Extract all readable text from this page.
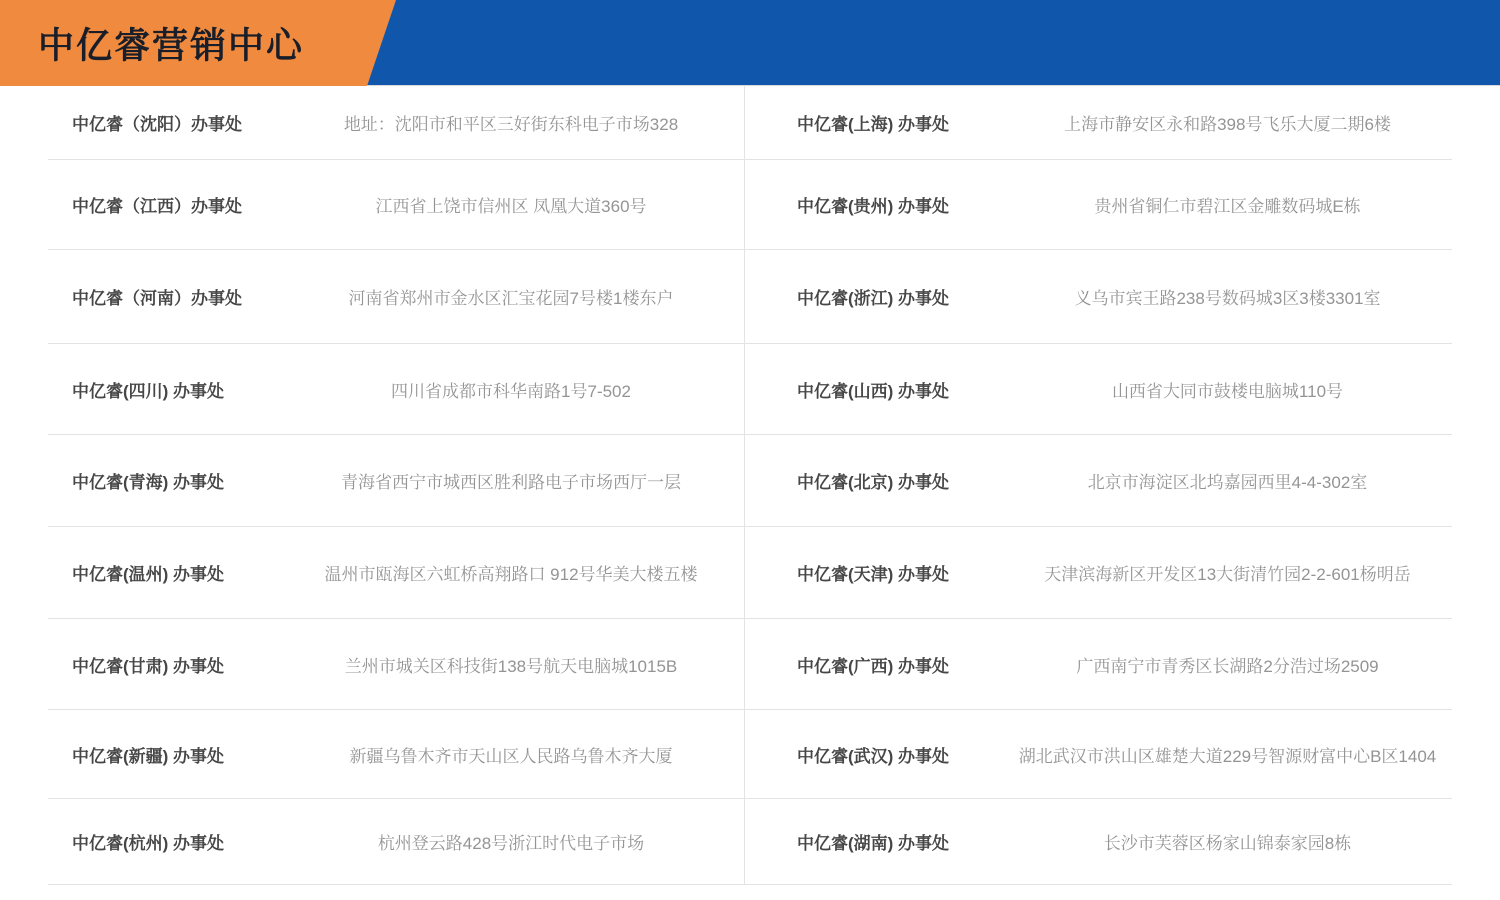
中亿睿营销中心
中亿睿（沈阳）办事处	地址：沈阳市和平区三好街东科电子市场328	中亿睿(上海) 办事处	上海市静安区永和路398号飞乐大厦二期6楼
中亿睿（江西）办事处	江西省上饶市信州区 凤凰大道360号	中亿睿(贵州) 办事处	贵州省铜仁市碧江区金雕数码城E栋
中亿睿（河南）办事处	河南省郑州市金水区汇宝花园7号楼1楼东户	中亿睿(浙江) 办事处	义乌市宾王路238号数码城3区3楼3301室
中亿睿(四川) 办事处	四川省成都市科华南路1号7-502	中亿睿(山西) 办事处	山西省大同市鼓楼电脑城110号
中亿睿(青海) 办事处	青海省西宁市城西区胜利路电子市场西厅一层	中亿睿(北京) 办事处	北京市海淀区北坞嘉园西里4-4-302室
中亿睿(温州) 办事处	温州市瓯海区六虹桥高翔路口 912号华美大楼五楼	中亿睿(天津) 办事处	天津滨海新区开发区13大街清竹园2-2-601杨明岳
中亿睿(甘肃) 办事处	兰州市城关区科技街138号航天电脑城1015B	中亿睿(广西) 办事处	广西南宁市青秀区长湖路2分浩过场2509
中亿睿(新疆) 办事处	新疆乌鲁木齐市天山区人民路乌鲁木齐大厦	中亿睿(武汉) 办事处	湖北武汉市洪山区雄楚大道229号智源财富中心B区1404
中亿睿(杭州) 办事处	杭州登云路428号浙江时代电子市场	中亿睿(湖南) 办事处	长沙市芙蓉区杨家山锦泰家园8栋
